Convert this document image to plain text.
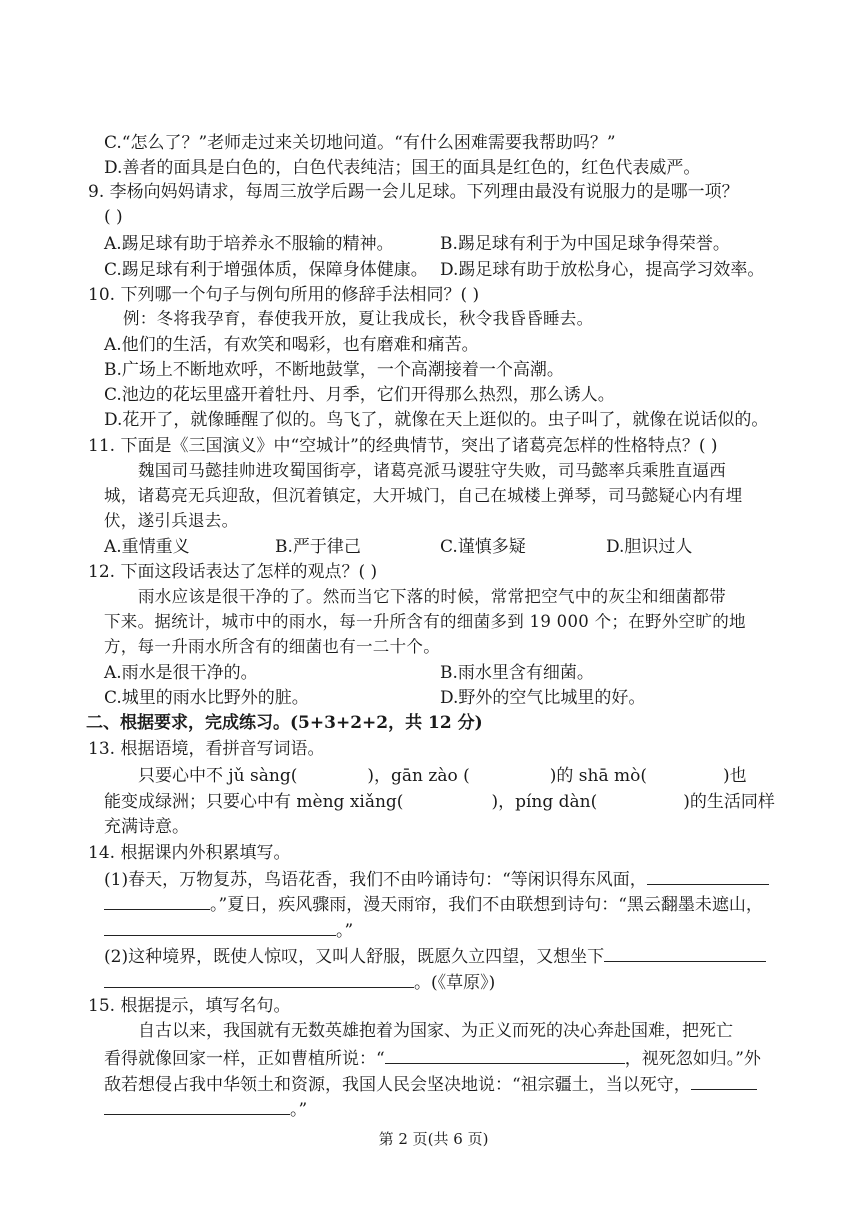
C.“怎么了？”老师走过来关切地问道。“有什么困难需要我帮助吗？”
D.善者的面具是白色的，白色代表纯洁；国王的面具是红色的，红色代表威严。
9. 李杨向妈妈请求，每周三放学后踢一会儿足球。下列理由最没有说服力的是哪一项？
( )
A.踢足球有助于培养永不服输的精神。	B.踢足球有利于为中国足球争得荣誉。
C.踢足球有利于增强体质，保障身体健康。 D.踢足球有助于放松身心，提高学习效率。
10. 下列哪一个句子与例句所用的修辞手法相同？( )
例：冬将我孕育，春使我开放，夏让我成长，秋令我昏昏睡去。
A.他们的生活，有欢笑和喝彩，也有磨难和痛苦。
B.广场上不断地欢呼，不断地鼓掌，一个高潮接着一个高潮。
C.池边的花坛里盛开着牡丹、月季，它们开得那么热烈，那么诱人。
D.花开了，就像睡醒了似的。鸟飞了，就像在天上逛似的。虫子叫了，就像在说话似的。
11. 下面是《三国演义》中“空城计”的经典情节，突出了诸葛亮怎样的性格特点？( )
魏国司马懿挂帅进攻蜀国街亭，诸葛亮派马谡驻守失败，司马懿率兵乘胜直逼西
城，诸葛亮无兵迎敌，但沉着镇定，大开城门，自己在城楼上弹琴，司马懿疑心内有埋
伏，遂引兵退去。
A.重情重义	B.严于律己	C.谨慎多疑	D.胆识过人
12. 下面这段话表达了怎样的观点？( )
雨水应该是很干净的了。然而当它下落的时候，常常把空气中的灰尘和细菌都带
下来。据统计，城市中的雨水，每一升所含有的细菌多到 19 000 个；在野外空旷的地
方，每一升雨水所含有的细菌也有一二十个。
A.雨水是很干净的。	B.雨水里含有细菌。
C.城里的雨水比野外的脏。	D.野外的空气比城里的好。
二、根据要求，完成练习。(5+3+2+2，共 12 分)
13. 根据语境，看拼音写词语。
只要心中不 jǔ sàng(	)，gān zào (	)的 shā mò(	)也
能变成绿洲；只要心中有 mèng xiǎng(	)，píng dàn(	)的生活同样
充满诗意。
14. 根据课内外积累填写。
(1)春天，万物复苏，鸟语花香，我们不由吟诵诗句：“等闲识得东风面，
。”夏日，疾风骤雨，漫天雨帘，我们不由联想到诗句：“黑云翻墨未遮山，
。”
(2)这种境界，既使人惊叹，又叫人舒服，既愿久立四望，又想坐下
。(《草原》)
15. 根据提示，填写名句。
自古以来，我国就有无数英雄抱着为国家、为正义而死的决心奔赴国难，把死亡
看得就像回家一样，正如曹植所说：“	，视死忽如归。”外
敌若想侵占我中华领土和资源，我国人民会坚决地说：“祖宗疆土，当以死守，
。”
第 2 页(共 6 页)
